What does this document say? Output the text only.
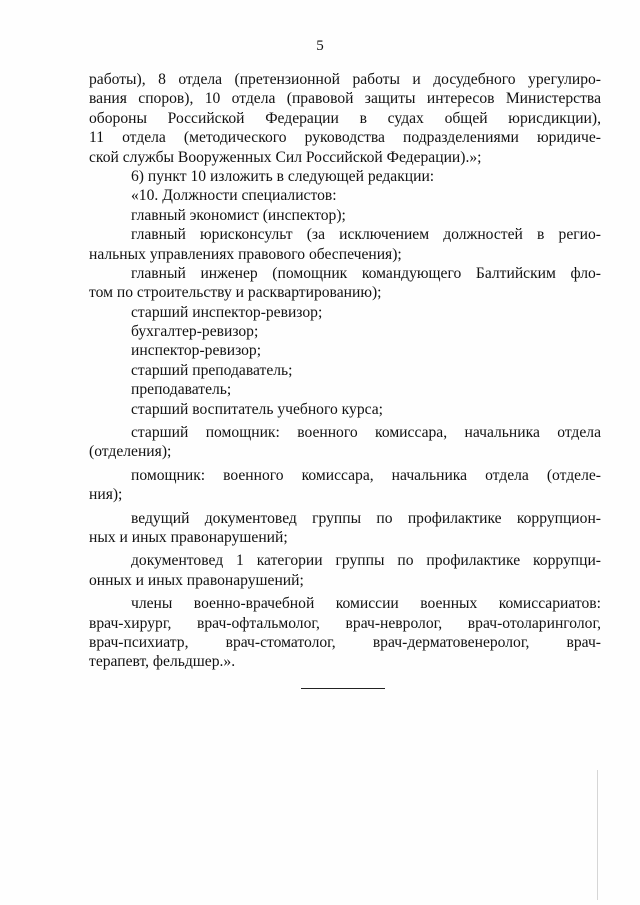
5
работы), 8 отдела (претензионной работы и досудебного урегулиро-
вания споров), 10 отдела (правовой защиты интересов Министерства
обороны Российской Федерации в судах общей юрисдикции),
11 отдела (методического руководства подразделениями юридиче-
ской службы Вооруженных Сил Российской Федерации).»;
6) пункт 10 изложить в следующей редакции:
«10. Должности специалистов:
главный экономист (инспектор);
главный юрисконсульт (за исключением должностей в регио-
нальных управлениях правового обеспечения);
главный инженер (помощник командующего Балтийским фло-
том по строительству и расквартированию);
старший инспектор-ревизор;
бухгалтер-ревизор;
инспектор-ревизор;
старший преподаватель;
преподаватель;
старший воспитатель учебного курса;
старший помощник: военного комиссара, начальника отдела
(отделения);
помощник: военного комиссара, начальника отдела (отделе-
ния);
ведущий документовед группы по профилактике коррупцион-
ных и иных правонарушений;
документовед 1 категории группы по профилактике коррупци-
онных и иных правонарушений;
члены военно-врачебной комиссии военных комиссариатов:
врач-хирург, врач-офтальмолог, врач-невролог, врач-отоларинголог,
врач-психиатр, врач-стоматолог, врач-дерматовенеролог, врач-
терапевт, фельдшер.».
